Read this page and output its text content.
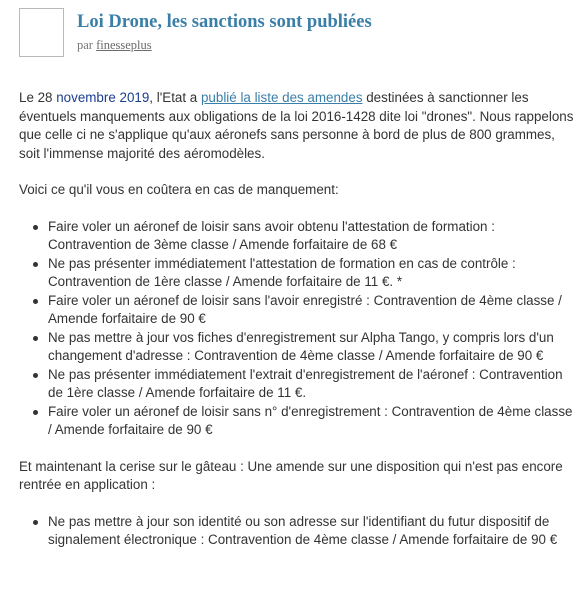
Loi Drone, les sanctions sont publiées
par finesseplus

Le 28 novembre 2019, l'Etat a publié la liste des amendes destinées à sanctionner les éventuels manquements aux obligations de la loi 2016-1428 dite loi "drones". Nous rappelons que celle ci ne s'applique qu'aux aéronefs sans personne à bord de plus de 800 grammes, soit l'immense majorité des aéromodèles.

Voici ce qu'il vous en coûtera en cas de manquement:

Faire voler un aéronef de loisir sans avoir obtenu l'attestation de formation : Contravention de 3ème classe / Amende forfaitaire de 68 €
Ne pas présenter immédiatement l'attestation de formation en cas de contrôle : Contravention de 1ère classe / Amende forfaitaire de 11 €. *
Faire voler un aéronef de loisir sans l'avoir enregistré : Contravention de 4ème classe / Amende forfaitaire de 90 €
Ne pas mettre à jour vos fiches d'enregistrement sur Alpha Tango, y compris lors d'un changement d'adresse : Contravention de 4ème classe / Amende forfaitaire de 90 €
Ne pas présenter immédiatement l'extrait d'enregistrement de l'aéronef : Contravention de 1ère classe / Amende forfaitaire de 11 €.
Faire voler un aéronef de loisir sans n° d'enregistrement : Contravention de 4ème classe / Amende forfaitaire de 90 €

Et maintenant la cerise sur le gâteau : Une amende sur une disposition qui n'est pas encore rentrée en application :

Ne pas mettre à jour son identité ou son adresse sur l'identifiant du futur dispositif de signalement électronique : Contravention de 4ème classe / Amende forfaitaire de 90 €
